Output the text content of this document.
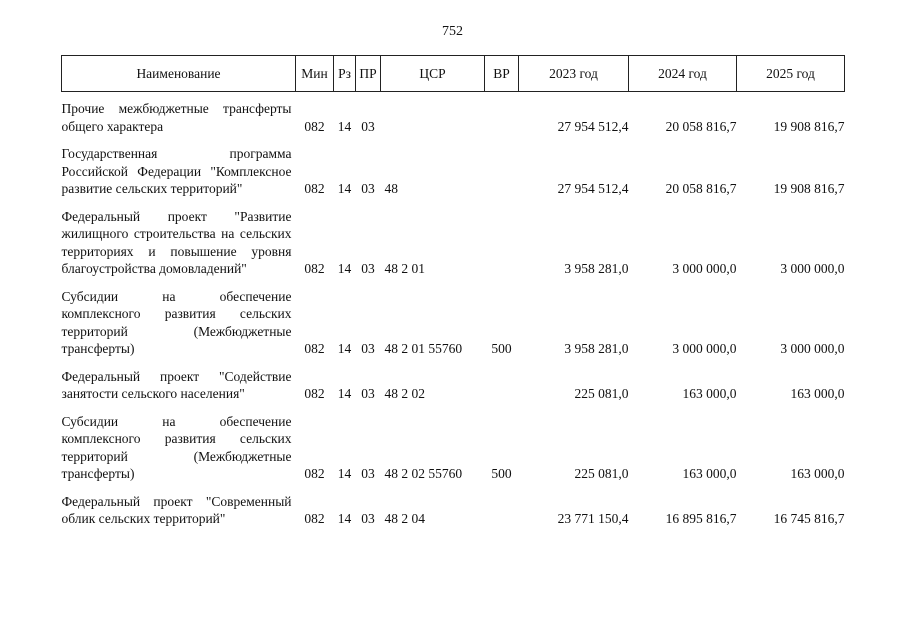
752
Наименование	Мин	Рз	ПР	ЦСР	ВР	2023 год	2024 год	2025 год
Прочие межбюджетные трансферты общего характера	082	14	03			27 954 512,4	20 058 816,7	19 908 816,7
Государственная программа Российской Федерации "Комплексное развитие сельских территорий"	082	14	03	48		27 954 512,4	20 058 816,7	19 908 816,7
Федеральный проект "Развитие жилищного строительства на сельских территориях и повышение уровня благоустройства домовладений"	082	14	03	48 2 01		3 958 281,0	3 000 000,0	3 000 000,0
Субсидии на обеспечение комплексного развития сельских территорий (Межбюджетные трансферты)	082	14	03	48 2 01 55760	500	3 958 281,0	3 000 000,0	3 000 000,0
Федеральный проект "Содействие занятости сельского населения"	082	14	03	48 2 02		225 081,0	163 000,0	163 000,0
Субсидии на обеспечение комплексного развития сельских территорий (Межбюджетные трансферты)	082	14	03	48 2 02 55760	500	225 081,0	163 000,0	163 000,0
Федеральный проект "Современный облик сельских территорий"	082	14	03	48 2 04		23 771 150,4	16 895 816,7	16 745 816,7
